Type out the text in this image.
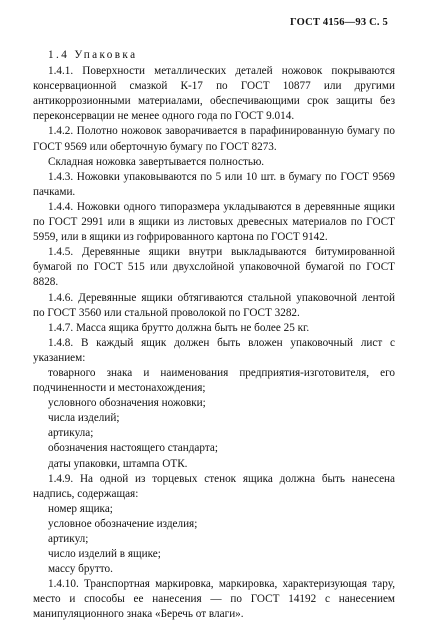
ГОСТ 4156—93 С. 5

1.4 Упаковка

1.4.1. Поверхности металлических деталей ножовок покрываются консервационной смазкой К-17 по ГОСТ 10877 или другими антикоррозионными материалами, обеспечивающими срок защиты без переконсервации не менее одного года по ГОСТ 9.014.

1.4.2. Полотно ножовок заворачивается в парафинированную бумагу по ГОСТ 9569 или оберточную бумагу по ГОСТ 8273.

Складная ножовка завертывается полностью.

1.4.3. Ножовки упаковываются по 5 или 10 шт. в бумагу по ГОСТ 9569 пачками.

1.4.4. Ножовки одного типоразмера укладываются в деревянные ящики по ГОСТ 2991 или в ящики из листовых древесных материалов по ГОСТ 5959, или в ящики из гофрированного картона по ГОСТ 9142.

1.4.5. Деревянные ящики внутри выкладываются битумированной бумагой по ГОСТ 515 или двухслойной упаковочной бумагой по ГОСТ 8828.

1.4.6. Деревянные ящики обтягиваются стальной упаковочной лентой по ГОСТ 3560 или стальной проволокой по ГОСТ 3282.

1.4.7. Масса ящика брутто должна быть не более 25 кг.

1.4.8. В каждый ящик должен быть вложен упаковочный лист с указанием:

товарного знака и наименования предприятия-изготовителя, его подчиненности и местонахождения;

условного обозначения ножовки;

числа изделий;

артикула;

обозначения настоящего стандарта;

даты упаковки, штампа ОТК.

1.4.9. На одной из торцевых стенок ящика должна быть нанесена надпись, содержащая:

номер ящика;

условное обозначение изделия;

артикул;

число изделий в ящике;

массу брутто.

1.4.10. Транспортная маркировка, маркировка, характеризующая тару, место и способы ее нанесения — по ГОСТ 14192 с нанесением манипуляционного знака «Беречь от влаги».
